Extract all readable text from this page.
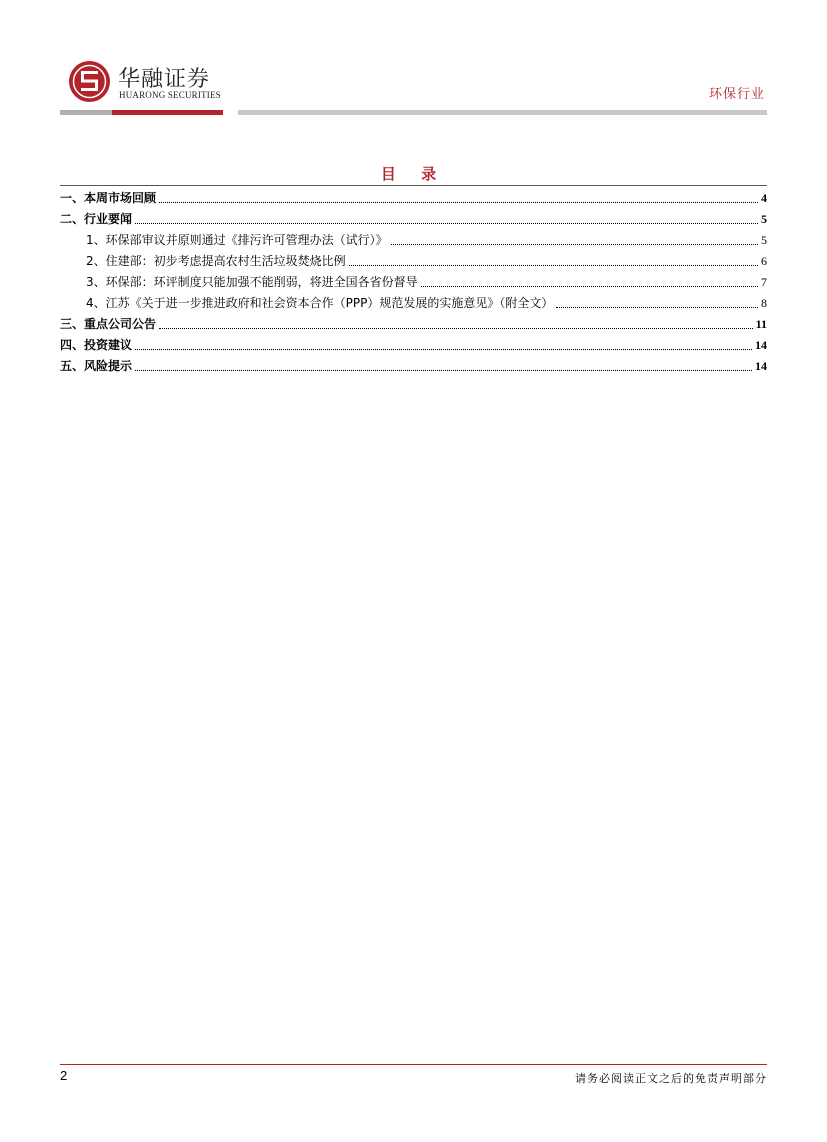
华融证券
HUARONG SECURITIES	环保行业
目 录
一、本周市场回顾	4
二、行业要闻	5
1、环保部审议并原则通过《排污许可管理办法（试行）》	5
2、住建部：初步考虑提高农村生活垃圾焚烧比例	6
3、环保部：环评制度只能加强不能削弱，将进全国各省份督导	7
4、江苏《关于进一步推进政府和社会资本合作（PPP）规范发展的实施意见》（附全文）	8
三、重点公司公告	11
四、投资建议	14
五、风险提示	14
2	请务必阅读正文之后的免责声明部分
